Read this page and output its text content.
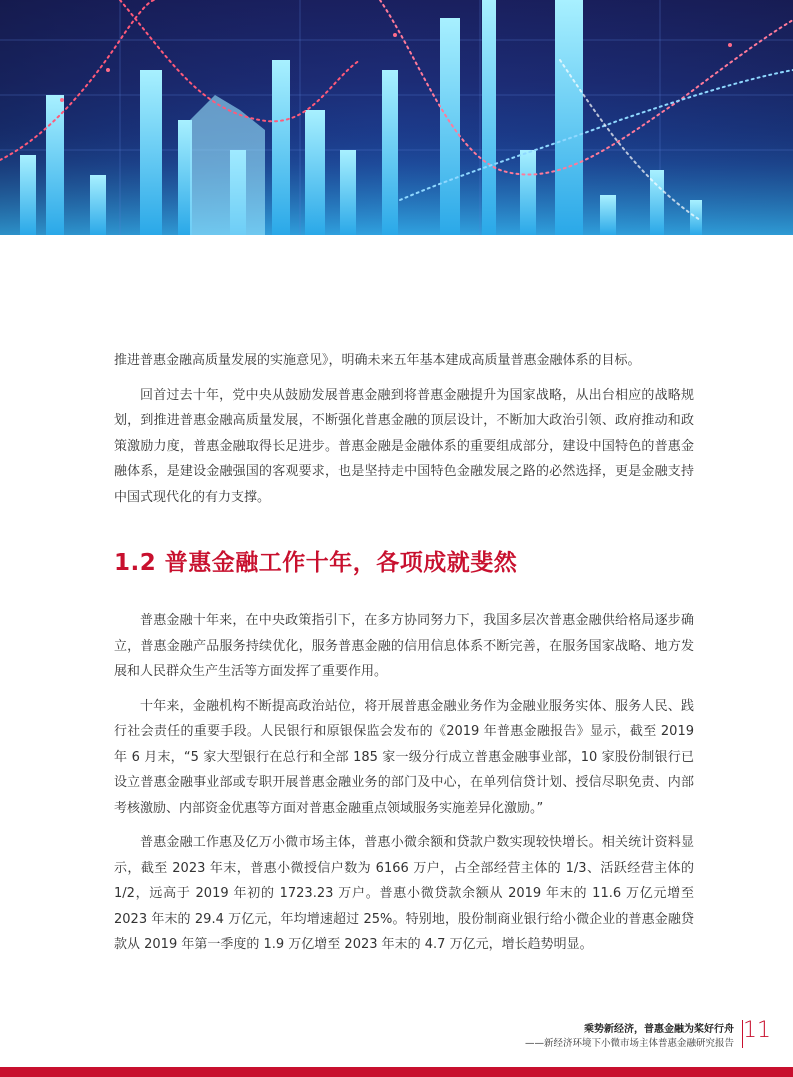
推进普惠金融高质量发展的实施意见》，明确未来五年基本建成高质量普惠金融体系的目标。

回首过去十年，党中央从鼓励发展普惠金融到将普惠金融提升为国家战略，从出台相应的战略规划，到推进普惠金融高质量发展，不断强化普惠金融的顶层设计，不断加大政治引领、政府推动和政策激励力度，普惠金融取得长足进步。普惠金融是金融体系的重要组成部分，建设中国特色的普惠金融体系，是建设金融强国的客观要求，也是坚持走中国特色金融发展之路的必然选择，更是金融支持中国式现代化的有力支撑。

1.2 普惠金融工作十年，各项成就斐然

普惠金融十年来，在中央政策指引下，在多方协同努力下，我国多层次普惠金融供给格局逐步确立，普惠金融产品服务持续优化，服务普惠金融的信用信息体系不断完善，在服务国家战略、地方发展和人民群众生产生活等方面发挥了重要作用。

十年来，金融机构不断提高政治站位，将开展普惠金融业务作为金融业服务实体、服务人民、践行社会责任的重要手段。人民银行和原银保监会发布的《2019 年普惠金融报告》显示，截至 2019 年 6 月末，“5 家大型银行在总行和全部 185 家一级分行成立普惠金融事业部，10 家股份制银行已设立普惠金融事业部或专职开展普惠金融业务的部门及中心，在单列信贷计划、授信尽职免责、内部考核激励、内部资金优惠等方面对普惠金融重点领域服务实施差异化激励。”

普惠金融工作惠及亿万小微市场主体，普惠小微余额和贷款户数实现较快增长。相关统计资料显示，截至 2023 年末，普惠小微授信户数为 6166 万户，占全部经营主体的 1/3、活跃经营主体的 1/2，远高于 2019 年初的 1723.23 万户。普惠小微贷款余额从 2019 年末的 11.6 万亿元增至 2023 年末的 29.4 万亿元，年均增速超过 25%。特别地，股份制商业银行给小微企业的普惠金融贷款从 2019 年第一季度的 1.9 万亿增至 2023 年末的 4.7 万亿元，增长趋势明显。

乘势新经济，普惠金融为桨好行舟
——新经济环境下小微市场主体普惠金融研究报告
11
